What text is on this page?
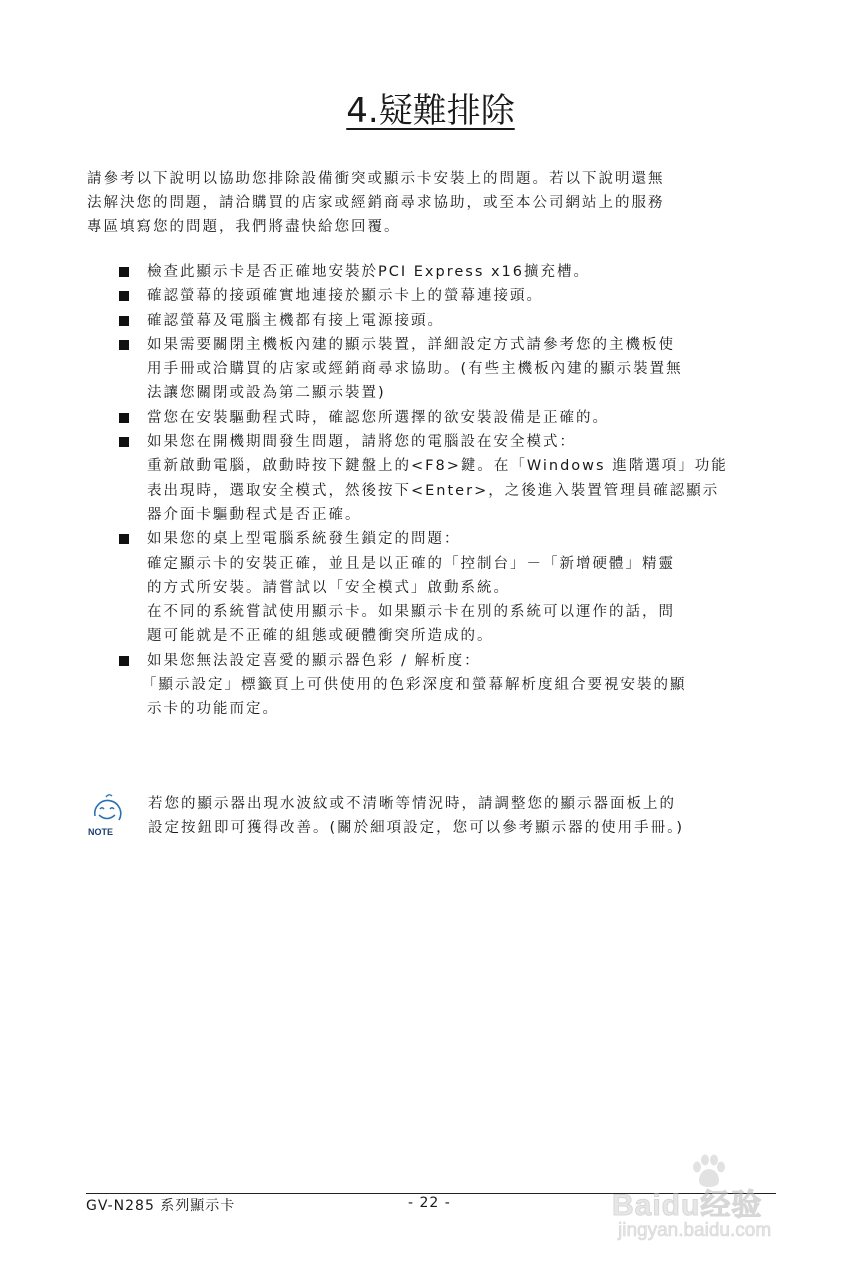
4.疑難排除

請參考以下說明以協助您排除設備衝突或顯示卡安裝上的問題。若以下說明還無

法解決您的問題，請洽購買的店家或經銷商尋求協助，或至本公司網站上的服務

專區填寫您的問題，我們將盡快給您回覆。

檢查此顯示卡是否正確地安裝於PCI Express x16擴充槽。

確認螢幕的接頭確實地連接於顯示卡上的螢幕連接頭。

確認螢幕及電腦主機都有接上電源接頭。

如果需要關閉主機板內建的顯示裝置，詳細設定方式請參考您的主機板使

用手冊或洽購買的店家或經銷商尋求協助。(有些主機板內建的顯示裝置無

法讓您關閉或設為第二顯示裝置)

當您在安裝驅動程式時，確認您所選擇的欲安裝設備是正確的。

如果您在開機期間發生問題，請將您的電腦設在安全模式：

重新啟動電腦，啟動時按下鍵盤上的<F8>鍵。在「Windows 進階選項」功能

表出現時，選取安全模式，然後按下<Enter>，之後進入裝置管理員確認顯示

器介面卡驅動程式是否正確。

如果您的桌上型電腦系統發生鎖定的問題：

確定顯示卡的安裝正確，並且是以正確的「控制台」－「新增硬體」精靈

的方式所安裝。請嘗試以「安全模式」啟動系統。

在不同的系統嘗試使用顯示卡。如果顯示卡在別的系統可以運作的話，問

題可能就是不正確的組態或硬體衝突所造成的。

如果您無法設定喜愛的顯示器色彩 / 解析度：

「顯示設定」標籤頁上可供使用的色彩深度和螢幕解析度組合要視安裝的顯

示卡的功能而定。

NOTE

若您的顯示器出現水波紋或不清晰等情況時，請調整您的顯示器面板上的

設定按鈕即可獲得改善。(關於細項設定，您可以參考顯示器的使用手冊。)

GV-N285 系列顯示卡	- 22 -	Baidu经验
jingyan.baidu.com
